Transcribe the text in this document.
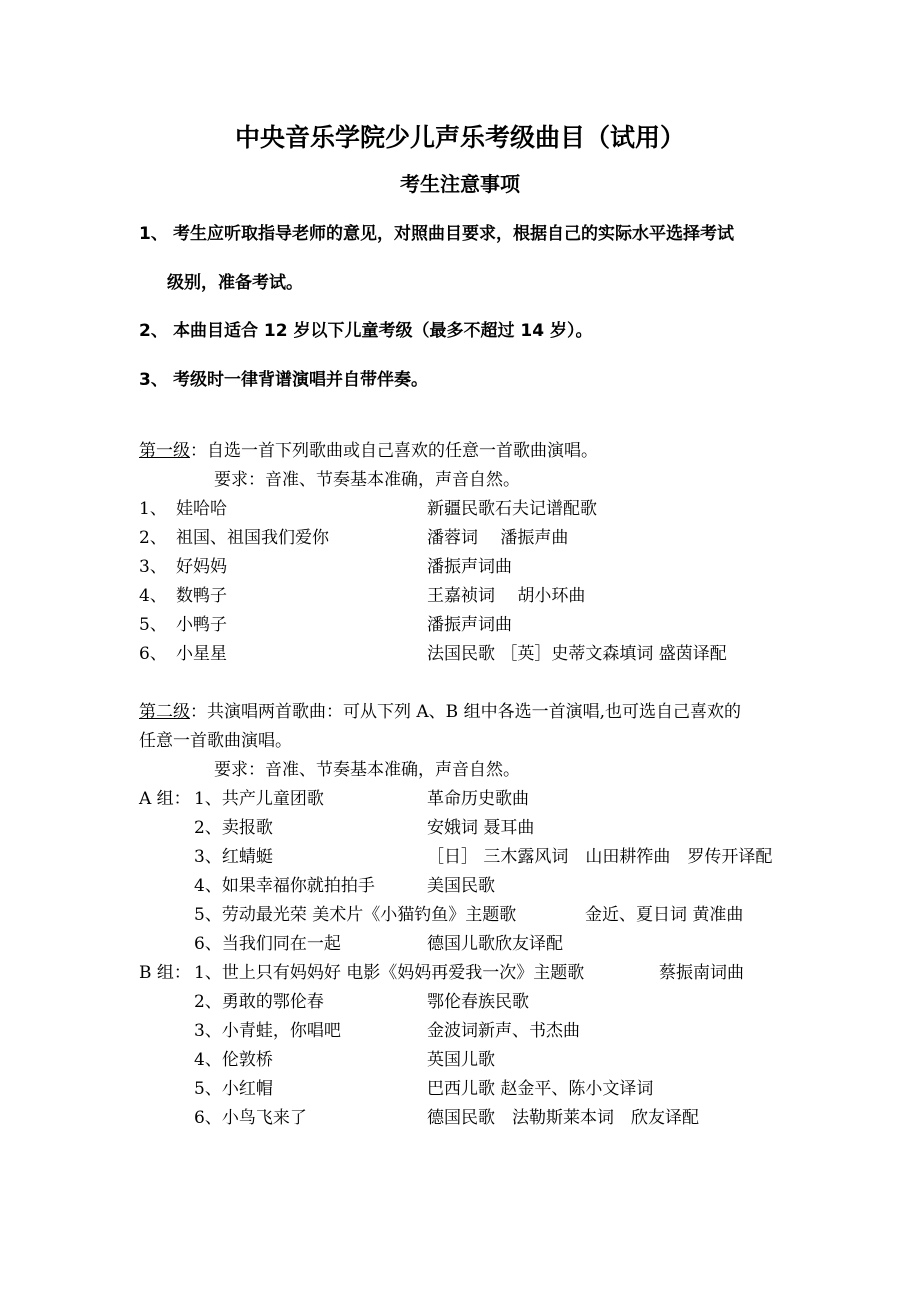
中央音乐学院少儿声乐考级曲目（试用）
考生注意事项
1、 考生应听取指导老师的意见，对照曲目要求，根据自己的实际水平选择考试
级别，准备考试。
2、 本曲目适合 12 岁以下儿童考级（最多不超过 14 岁）。
3、 考级时一律背谱演唱并自带伴奏。
第一级：自选一首下列歌曲或自己喜欢的任意一首歌曲演唱。
要求：音准、节奏基本准确，声音自然。
1、 娃哈哈	新疆民歌石夫记谱配歌
2、 祖国、祖国我们爱你	潘蓉词　 潘振声曲
3、 好妈妈	潘振声词曲
4、 数鸭子	王嘉祯词　 胡小环曲
5、 小鸭子	潘振声词曲
6、 小星星	法国民歌 ［英］史蒂文森填词 盛茵译配
第二级：共演唱两首歌曲：可从下列 A、B 组中各选一首演唱,也可选自己喜欢的
任意一首歌曲演唱。
要求：音准、节奏基本准确，声音自然。
A 组： 1、共产儿童团歌	革命历史歌曲
2、卖报歌	安娥词 聂耳曲
3、红蜻蜓	［日］ 三木露风词　山田耕筰曲　罗传开译配
4、如果幸福你就拍拍手	美国民歌
5、劳动最光荣 美术片《小猫钓鱼》主题歌	金近、夏日词 黄准曲
6、当我们同在一起	德国儿歌欣友译配
B 组： 1、世上只有妈妈好 电影《妈妈再爱我一次》主题歌	蔡振南词曲
2、勇敢的鄂伦春	鄂伦春族民歌
3、小青蛙，你唱吧	金波词新声、书杰曲
4、伦敦桥	英国儿歌
5、小红帽	巴西儿歌 赵金平、陈小文译词
6、小鸟飞来了	德国民歌　法勒斯莱本词　欣友译配
